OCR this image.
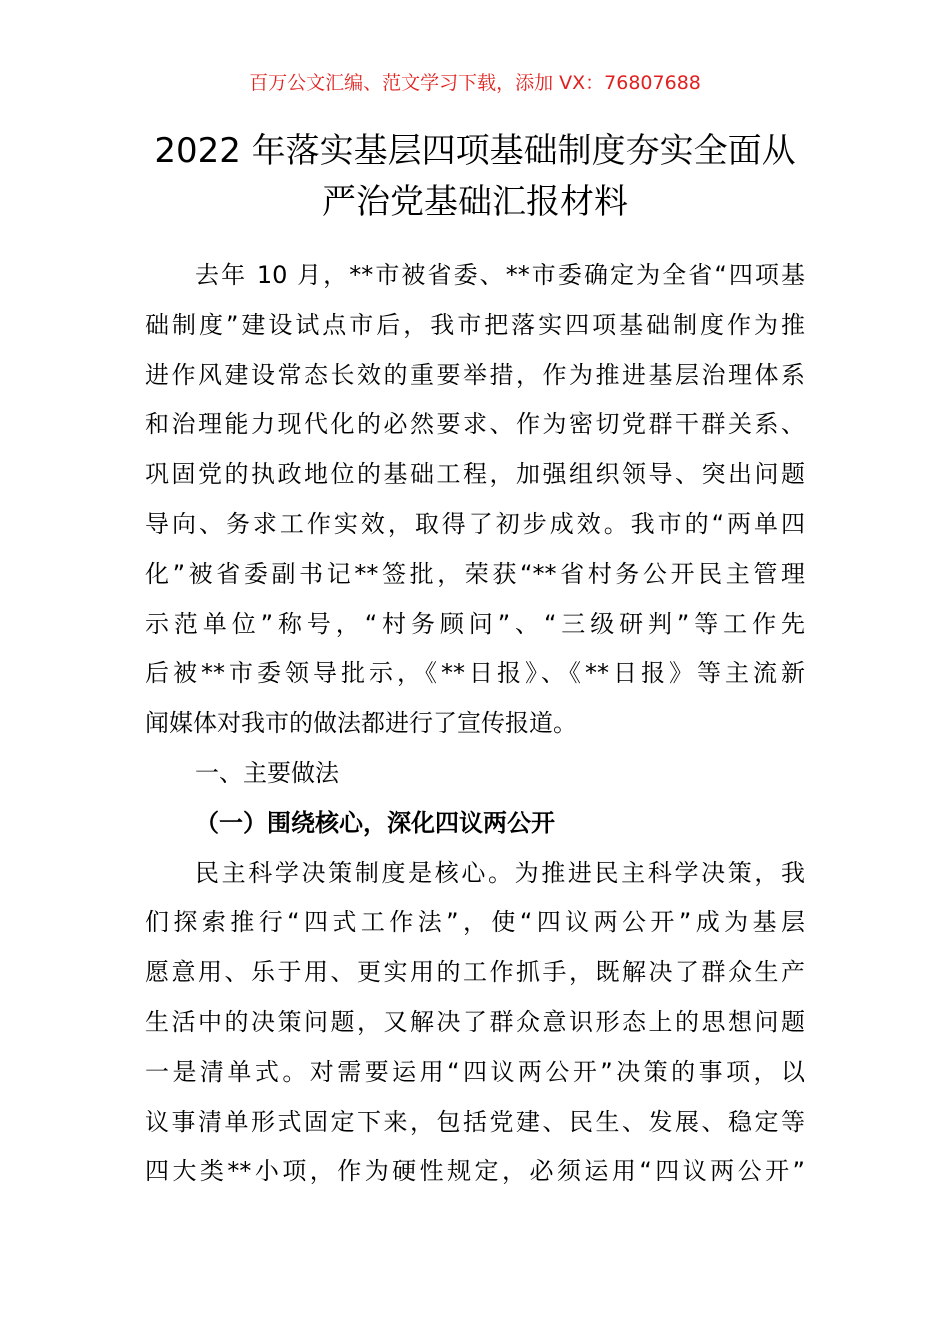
百万公文汇编、范文学习下载，添加 VX：76807688
2022 年落实基层四项基础制度夯实全面从
严治党基础汇报材料
去年 10 月，**市被省委、**市委确定为全省“四项基
础制度”建设试点市后，我市把落实四项基础制度作为推
进作风建设常态长效的重要举措，作为推进基层治理体系
和治理能力现代化的必然要求、作为密切党群干群关系、
巩固党的执政地位的基础工程，加强组织领导、突出问题
导向、务求工作实效，取得了初步成效。我市的“两单四
化”被省委副书记**签批，荣获“**省村务公开民主管理
示范单位”称号，“村务顾问”、“三级研判”等工作先
后被**市委领导批示，《**日报》、《**日报》等主流新
闻媒体对我市的做法都进行了宣传报道。
一、主要做法
（一）围绕核心，深化四议两公开
民主科学决策制度是核心。为推进民主科学决策，我
们探索推行“四式工作法”，使“四议两公开”成为基层
愿意用、乐于用、更实用的工作抓手，既解决了群众生产
生活中的决策问题，又解决了群众意识形态上的思想问题
一是清单式。对需要运用“四议两公开”决策的事项，以
议事清单形式固定下来，包括党建、民生、发展、稳定等
四大类**小项，作为硬性规定，必须运用“四议两公开”
